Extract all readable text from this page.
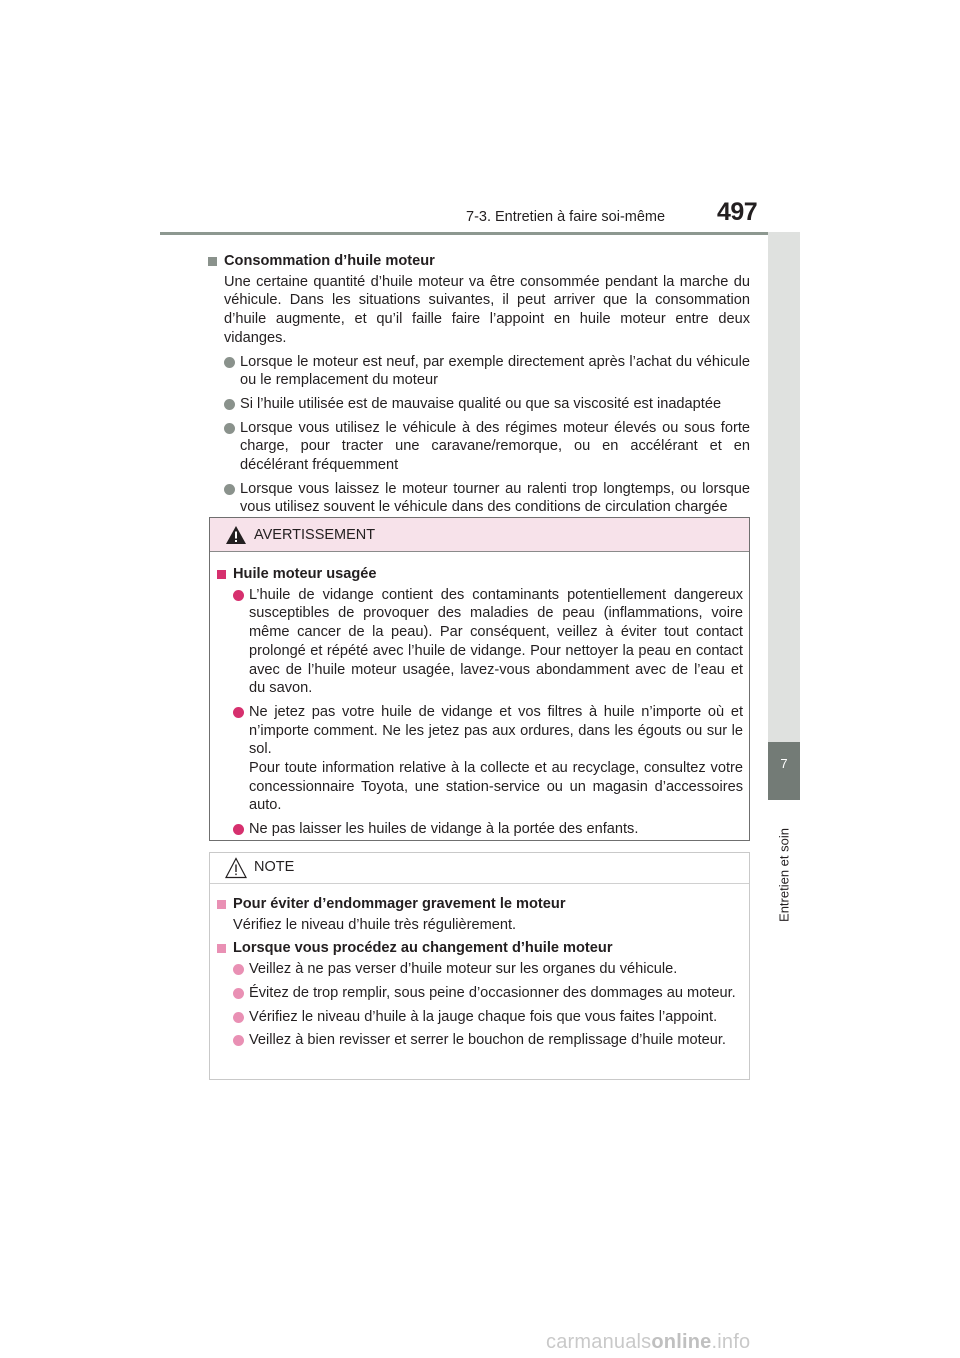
7-3. Entretien à faire soi-même 497
7
Entretien et soin
Consommation d’huile moteur
Une certaine quantité d’huile moteur va être consommée pendant la marche du véhicule. Dans les situations suivantes, il peut arriver que la consommation d’huile augmente, et qu’il faille faire l’appoint en huile moteur entre deux vidanges.
Lorsque le moteur est neuf, par exemple directement après l’achat du véhicule ou le remplacement du moteur
Si l’huile utilisée est de mauvaise qualité ou que sa viscosité est inadaptée
Lorsque vous utilisez le véhicule à des régimes moteur élevés ou sous forte charge, pour tracter une caravane/remorque, ou en accélérant et en décélérant fréquemment
Lorsque vous laissez le moteur tourner au ralenti trop longtemps, ou lorsque vous utilisez souvent le véhicule dans des conditions de circulation chargée
AVERTISSEMENT
Huile moteur usagée
L’huile de vidange contient des contaminants potentiellement dangereux susceptibles de provoquer des maladies de peau (inflammations, voire même cancer de la peau). Par conséquent, veillez à éviter tout contact prolongé et répété avec l’huile de vidange. Pour nettoyer la peau en contact avec de l’huile moteur usagée, lavez-vous abondamment avec de l’eau et du savon.
Ne jetez pas votre huile de vidange et vos filtres à huile n’importe où et n’importe comment. Ne les jetez pas aux ordures, dans les égouts ou sur le sol.
Pour toute information relative à la collecte et au recyclage, consultez votre concessionnaire Toyota, une station-service ou un magasin d’accessoires auto.
Ne pas laisser les huiles de vidange à la portée des enfants.
NOTE
Pour éviter d’endommager gravement le moteur
Vérifiez le niveau d’huile très régulièrement.
Lorsque vous procédez au changement d’huile moteur
Veillez à ne pas verser d’huile moteur sur les organes du véhicule.
Évitez de trop remplir, sous peine d’occasionner des dommages au moteur.
Vérifiez le niveau d’huile à la jauge chaque fois que vous faites l’appoint.
Veillez à bien revisser et serrer le bouchon de remplissage d’huile moteur.
carmanualsonline.info
